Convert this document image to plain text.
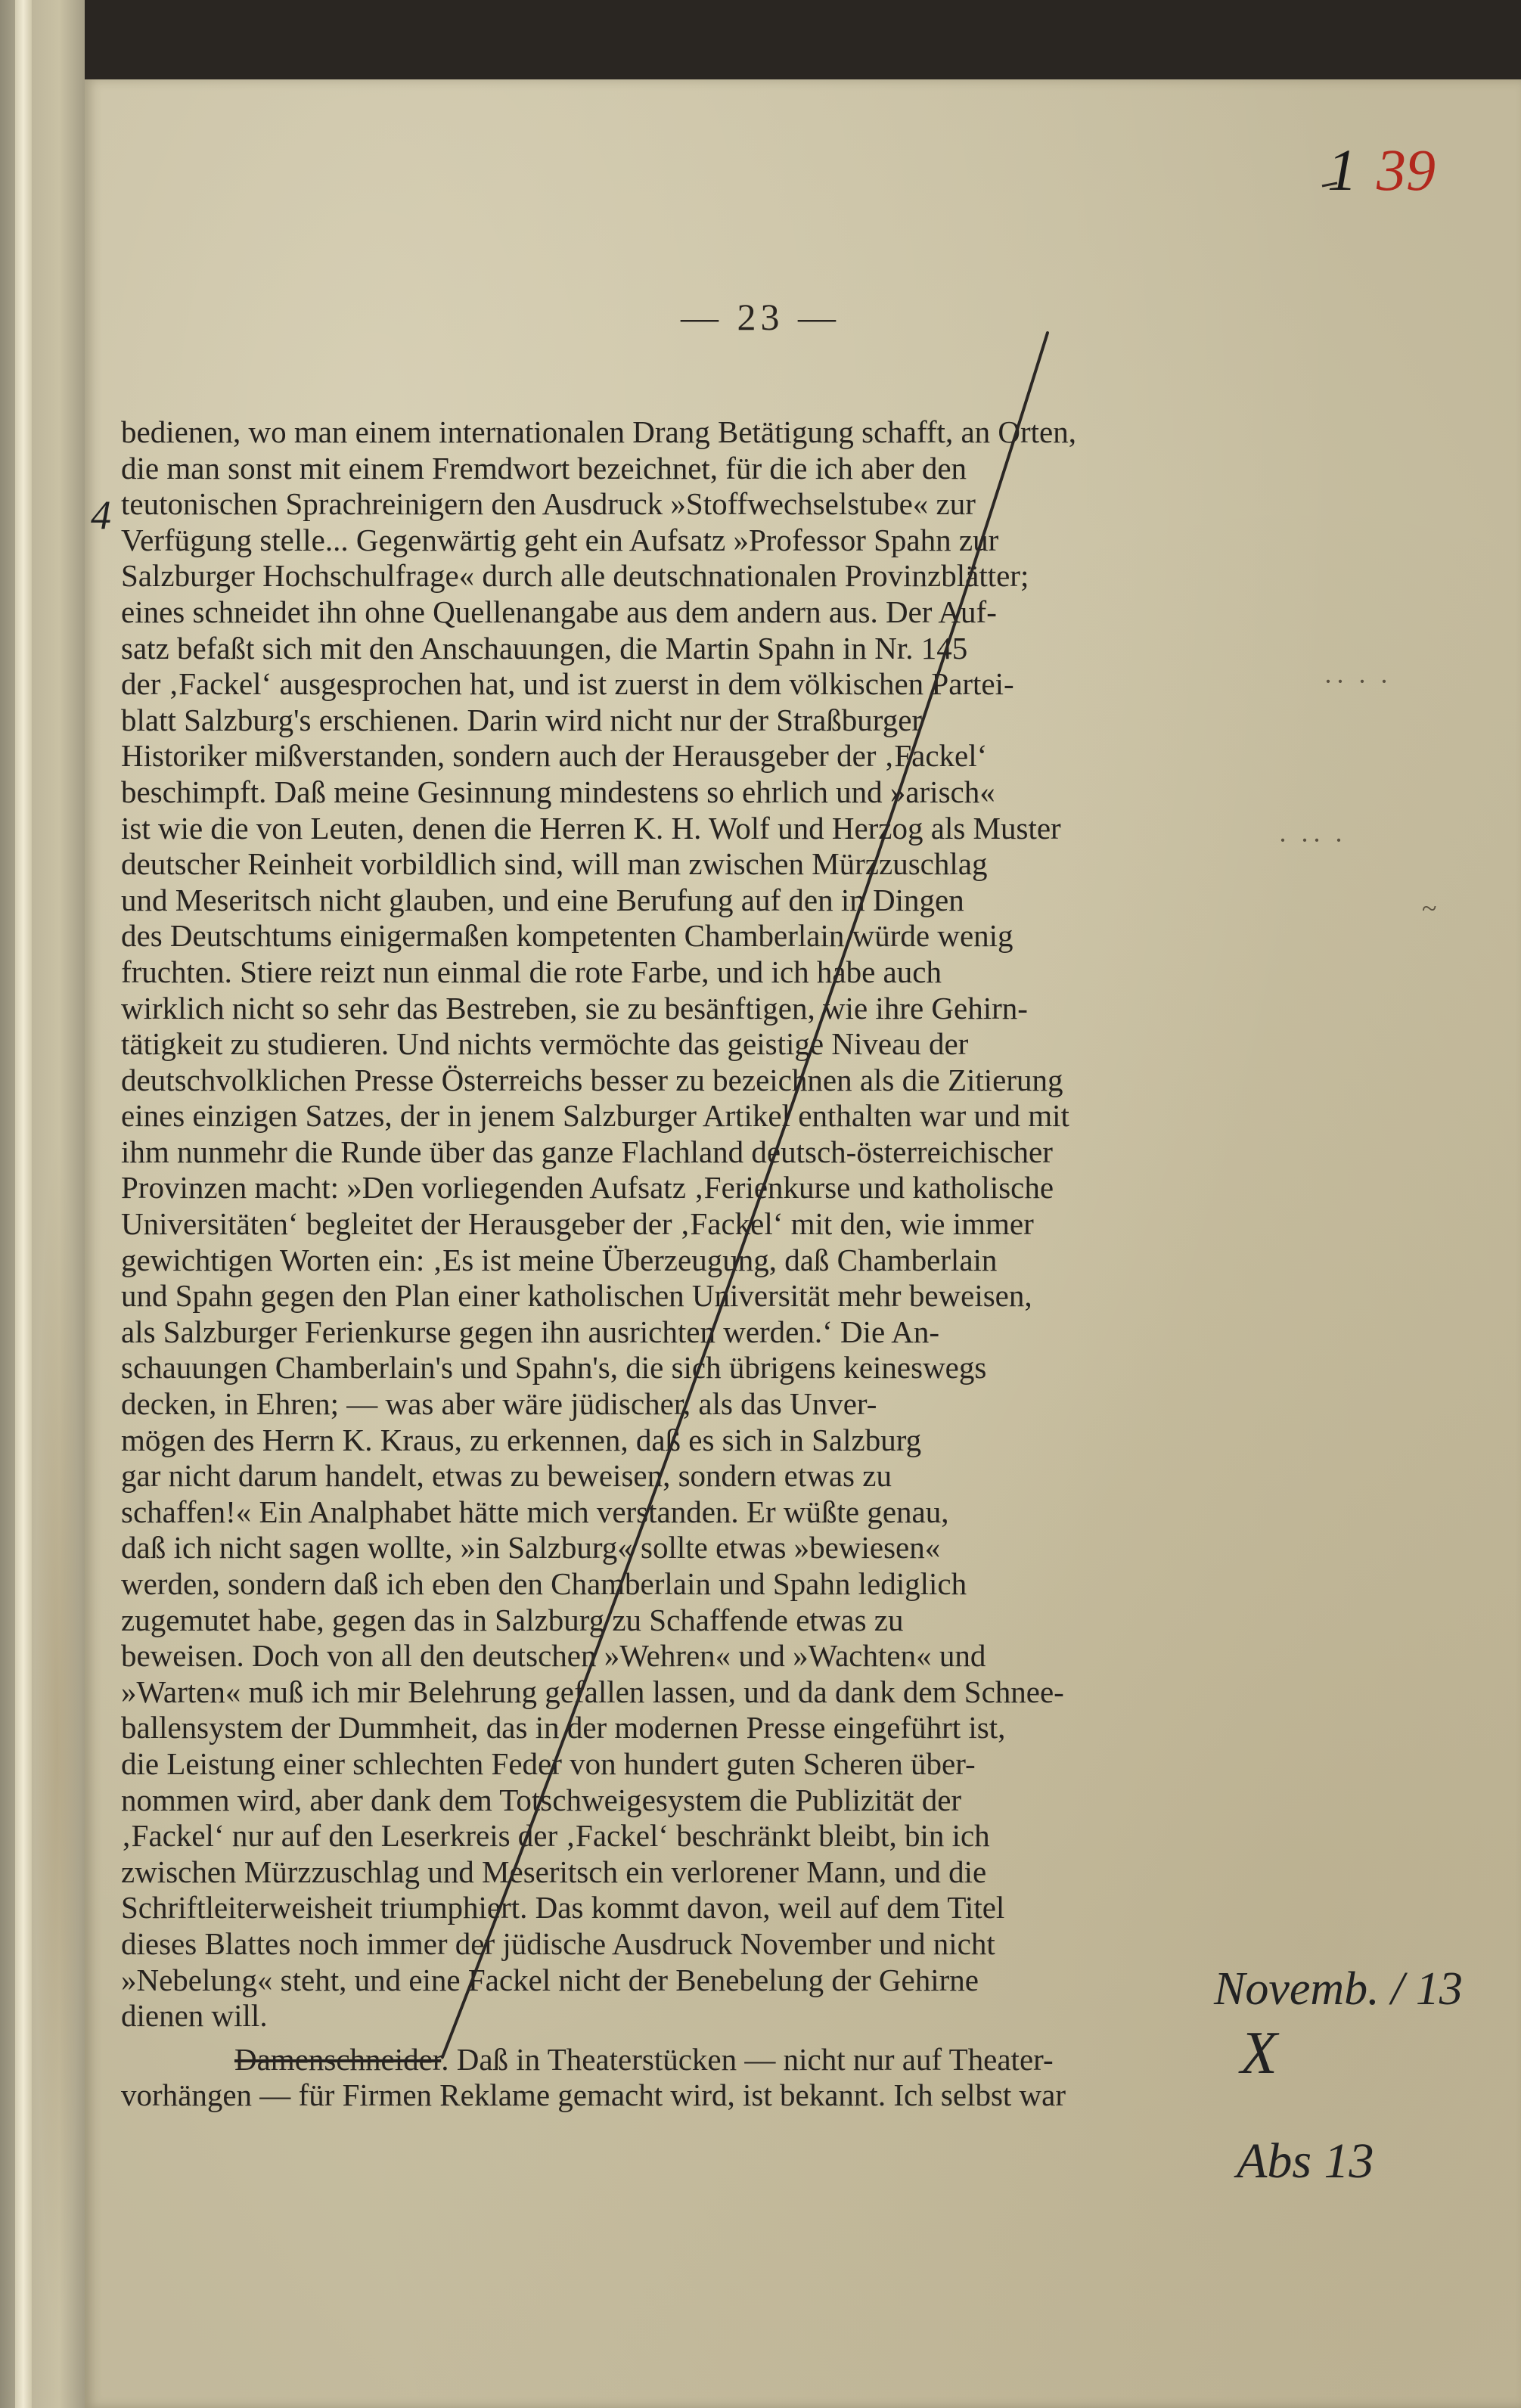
1 39
— 23 —
bedienen, wo man einem internationalen Drang Betätigung schafft, an Orten,
die man sonst mit einem Fremdwort bezeichnet, für die ich aber den
teutonischen Sprachreinigern den Ausdruck »Stoffwechselstube« zur
Verfügung stelle... Gegenwärtig geht ein Aufsatz »Professor Spahn zur
Salzburger Hochschulfrage« durch alle deutschnationalen Provinzblätter;
eines schneidet ihn ohne Quellenangabe aus dem andern aus. Der Auf-
satz befaßt sich mit den Anschauungen, die Martin Spahn in Nr. 145
der ‚Fackel‘ ausgesprochen hat, und ist zuerst in dem völkischen Partei-
blatt Salzburg's erschienen. Darin wird nicht nur der Straßburger
Historiker mißverstanden, sondern auch der Herausgeber der ‚Fackel‘
beschimpft. Daß meine Gesinnung mindestens so ehrlich und »arisch«
ist wie die von Leuten, denen die Herren K. H. Wolf und Herzog als Muster
deutscher Reinheit vorbildlich sind, will man zwischen Mürzzuschlag
und Meseritsch nicht glauben, und eine Berufung auf den in Dingen
des Deutschtums einigermaßen kompetenten Chamberlain würde wenig
fruchten. Stiere reizt nun einmal die rote Farbe, und ich habe auch
wirklich nicht so sehr das Bestreben, sie zu besänftigen, wie ihre Gehirn-
tätigkeit zu studieren. Und nichts vermöchte das geistige Niveau der
deutschvolklichen Presse Österreichs besser zu bezeichnen als die Zitierung
eines einzigen Satzes, der in jenem Salzburger Artikel enthalten war und mit
ihm nunmehr die Runde über das ganze Flachland deutsch-österreichischer
Provinzen macht: »Den vorliegenden Aufsatz ‚Ferienkurse und katholische
Universitäten‘ begleitet der Herausgeber der ‚Fackel‘ mit den, wie immer
gewichtigen Worten ein: ‚Es ist meine Überzeugung, daß Chamberlain
und Spahn gegen den Plan einer katholischen Universität mehr beweisen,
als Salzburger Ferienkurse gegen ihn ausrichten werden.‘ Die An-
schauungen Chamberlain's und Spahn's, die sich übrigens keineswegs
decken, in Ehren; — was aber wäre jüdischer, als das Unver-
mögen des Herrn K. Kraus, zu erkennen, daß es sich in Salzburg
gar nicht darum handelt, etwas zu beweisen, sondern etwas zu
schaffen!« Ein Analphabet hätte mich verstanden. Er wüßte genau,
daß ich nicht sagen wollte, »in Salzburg« sollte etwas »bewiesen«
werden, sondern daß ich eben den Chamberlain und Spahn lediglich
zugemutet habe, gegen das in Salzburg zu Schaffende etwas zu
beweisen. Doch von all den deutschen »Wehren« und »Wachten« und
»Warten« muß ich mir Belehrung gefallen lassen, und da dank dem Schnee-
ballensystem der Dummheit, das in der modernen Presse eingeführt ist,
die Leistung einer schlechten Feder von hundert guten Scheren über-
nommen wird, aber dank dem Totschweigesystem die Publizität der
‚Fackel‘ nur auf den Leserkreis der ‚Fackel‘ beschränkt bleibt, bin ich
zwischen Mürzzuschlag und Meseritsch ein verlorener Mann, und die
Schriftleiterweisheit triumphiert. Das kommt davon, weil auf dem Titel
dieses Blattes noch immer der jüdische Ausdruck November und nicht
»Nebelung« steht, und eine Fackel nicht der Benebelung der Gehirne
dienen will.
Damenschneider. Daß in Theaterstücken — nicht nur auf Theater-
vorhängen — für Firmen Reklame gemacht wird, ist bekannt. Ich selbst war
Novemb. / 13
X
Abs 13
4
·· · ·
· ·· ·
~
